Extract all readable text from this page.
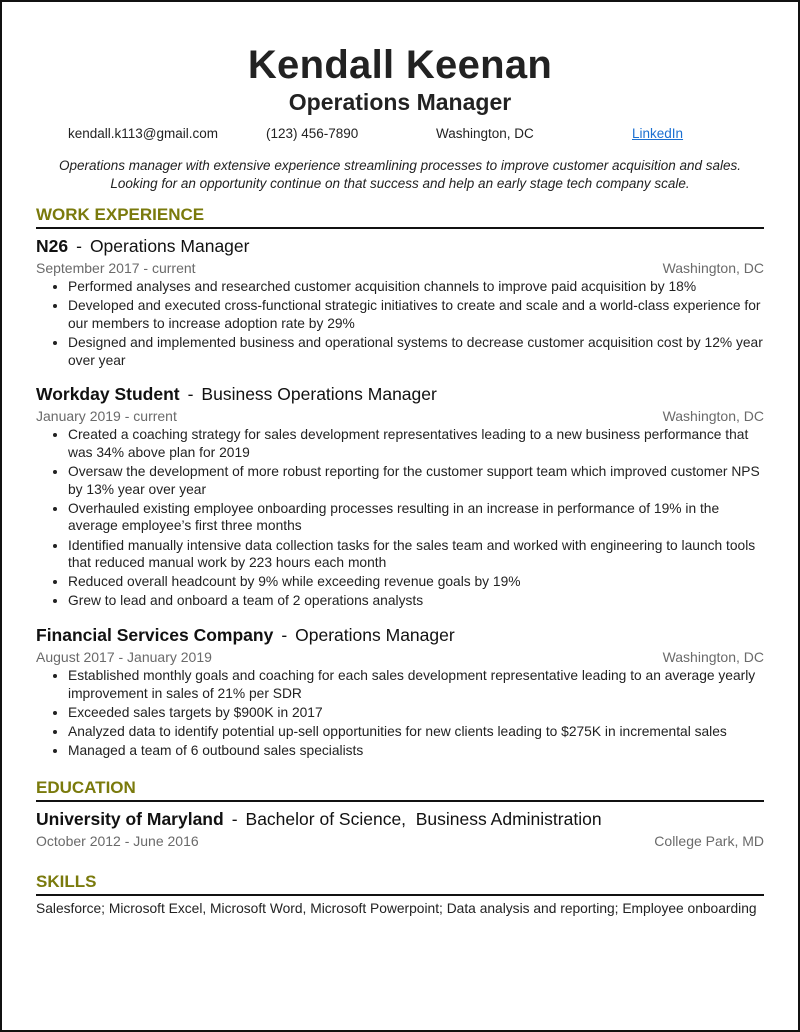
Kendall Keenan
Operations Manager
kendall.k113@gmail.com	(123) 456-7890	Washington, DC	LinkedIn
Operations manager with extensive experience streamlining processes to improve customer acquisition and sales.
Looking for an opportunity continue on that success and help an early stage tech company scale.
WORK EXPERIENCE
N26 - Operations Manager
September 2017 - current	Washington, DC
• Performed analyses and researched customer acquisition channels to improve paid acquisition by 18%
• Developed and executed cross-functional strategic initiatives to create and scale and a world-class experience for our members to increase adoption rate by 29%
• Designed and implemented business and operational systems to decrease customer acquisition cost by 12% year over year
Workday Student - Business Operations Manager
January 2019 - current	Washington, DC
• Created a coaching strategy for sales development representatives leading to a new business performance that was 34% above plan for 2019
• Oversaw the development of more robust reporting for the customer support team which improved customer NPS by 13% year over year
• Overhauled existing employee onboarding processes resulting in an increase in performance of 19% in the average employee’s first three months
• Identified manually intensive data collection tasks for the sales team and worked with engineering to launch tools that reduced manual work by 223 hours each month
• Reduced overall headcount by 9% while exceeding revenue goals by 19%
• Grew to lead and onboard a team of 2 operations analysts
Financial Services Company - Operations Manager
August 2017 - January 2019	Washington, DC
• Established monthly goals and coaching for each sales development representative leading to an average yearly improvement in sales of 21% per SDR
• Exceeded sales targets by $900K in 2017
• Analyzed data to identify potential up-sell opportunities for new clients leading to $275K in incremental sales
• Managed a team of 6 outbound sales specialists
EDUCATION
University of Maryland - Bachelor of Science,  Business Administration
October 2012 - June 2016	College Park, MD
SKILLS
Salesforce; Microsoft Excel, Microsoft Word, Microsoft Powerpoint; Data analysis and reporting; Employee onboarding
